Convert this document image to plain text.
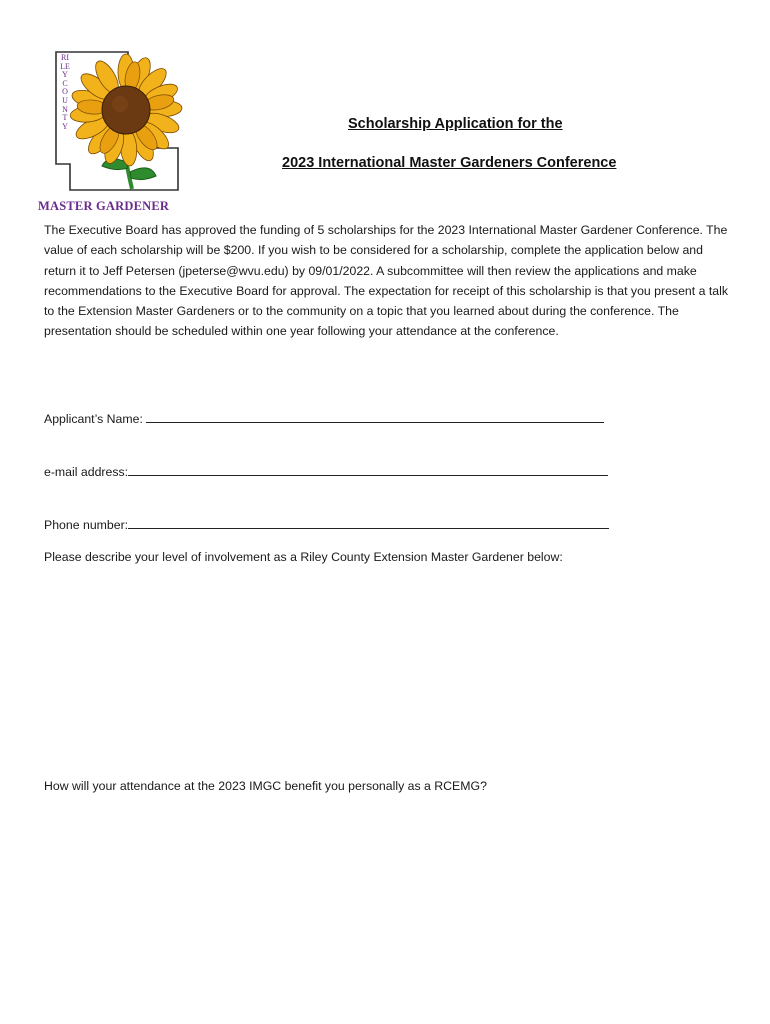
RILEY COUNTY
MASTER GARDENER
Scholarship Application for the
2023 International Master Gardeners Conference
The Executive Board has approved the funding of 5 scholarships for the 2023 International Master Gardener Conference. The value of each scholarship will be $200. If you wish to be considered for a scholarship, complete the application below and return it to Jeff Petersen (jpeterse@wvu.edu) by 09/01/2022. A subcommittee will then review the applications and make recommendations to the Executive Board for approval. The expectation for receipt of this scholarship is that you present a talk to the Extension Master Gardeners or to the community on a topic that you learned about during the conference. The presentation should be scheduled within one year following your attendance at the conference.
Applicant’s Name:
e-mail address:
Phone number:
Please describe your level of involvement as a Riley County Extension Master Gardener below:
How will your attendance at the 2023 IMGC benefit you personally as a RCEMG?
